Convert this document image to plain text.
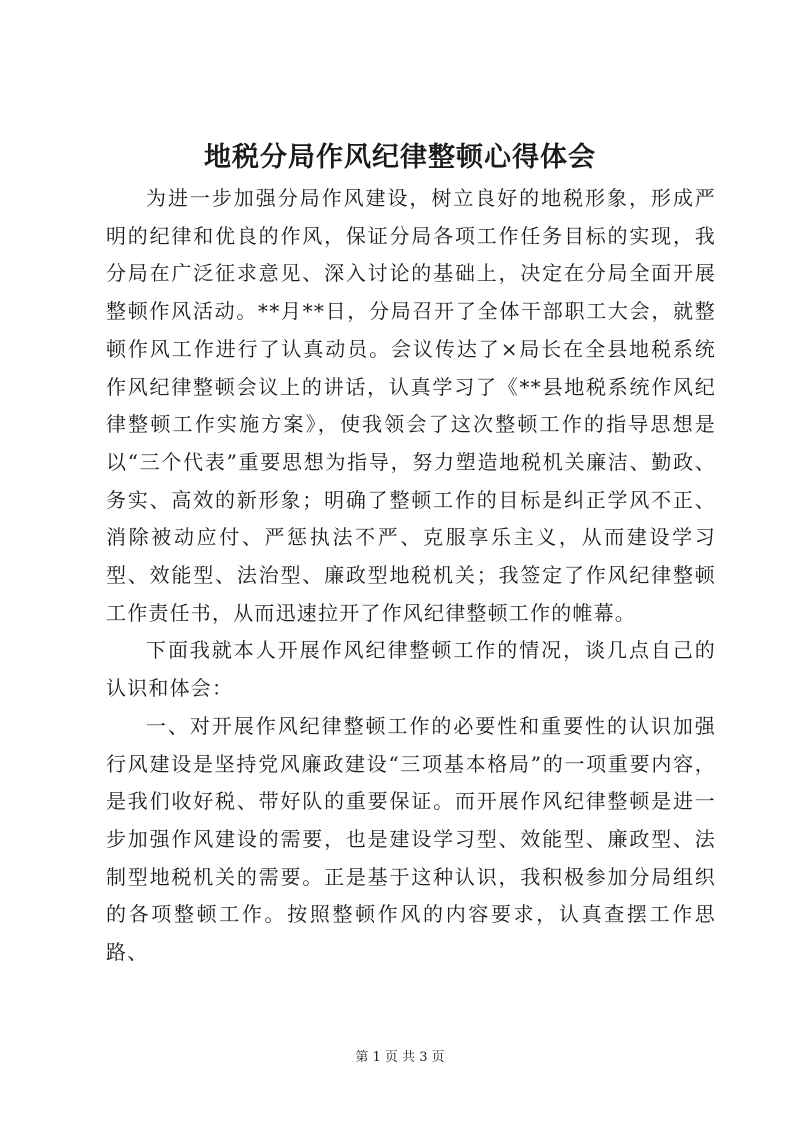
地税分局作风纪律整顿心得体会

为进一步加强分局作风建设，树立良好的地税形象，形成严明的纪律和优良的作风，保证分局各项工作任务目标的实现，我分局在广泛征求意见、深入讨论的基础上，决定在分局全面开展整顿作风活动。**月**日，分局召开了全体干部职工大会，就整顿作风工作进行了认真动员。会议传达了×局长在全县地税系统作风纪律整顿会议上的讲话，认真学习了《**县地税系统作风纪律整顿工作实施方案》，使我领会了这次整顿工作的指导思想是以“三个代表”重要思想为指导，努力塑造地税机关廉洁、勤政、务实、高效的新形象；明确了整顿工作的目标是纠正学风不正、消除被动应付、严惩执法不严、克服享乐主义，从而建设学习型、效能型、法治型、廉政型地税机关；我签定了作风纪律整顿工作责任书，从而迅速拉开了作风纪律整顿工作的帷幕。

下面我就本人开展作风纪律整顿工作的情况，谈几点自己的认识和体会：

一、对开展作风纪律整顿工作的必要性和重要性的认识加强行风建设是坚持党风廉政建设“三项基本格局”的一项重要内容，是我们收好税、带好队的重要保证。而开展作风纪律整顿是进一步加强作风建设的需要，也是建设学习型、效能型、廉政型、法制型地税机关的需要。正是基于这种认识，我积极参加分局组织的各项整顿工作。按照整顿作风的内容要求，认真查摆工作思路、

第 1 页 共 3 页
